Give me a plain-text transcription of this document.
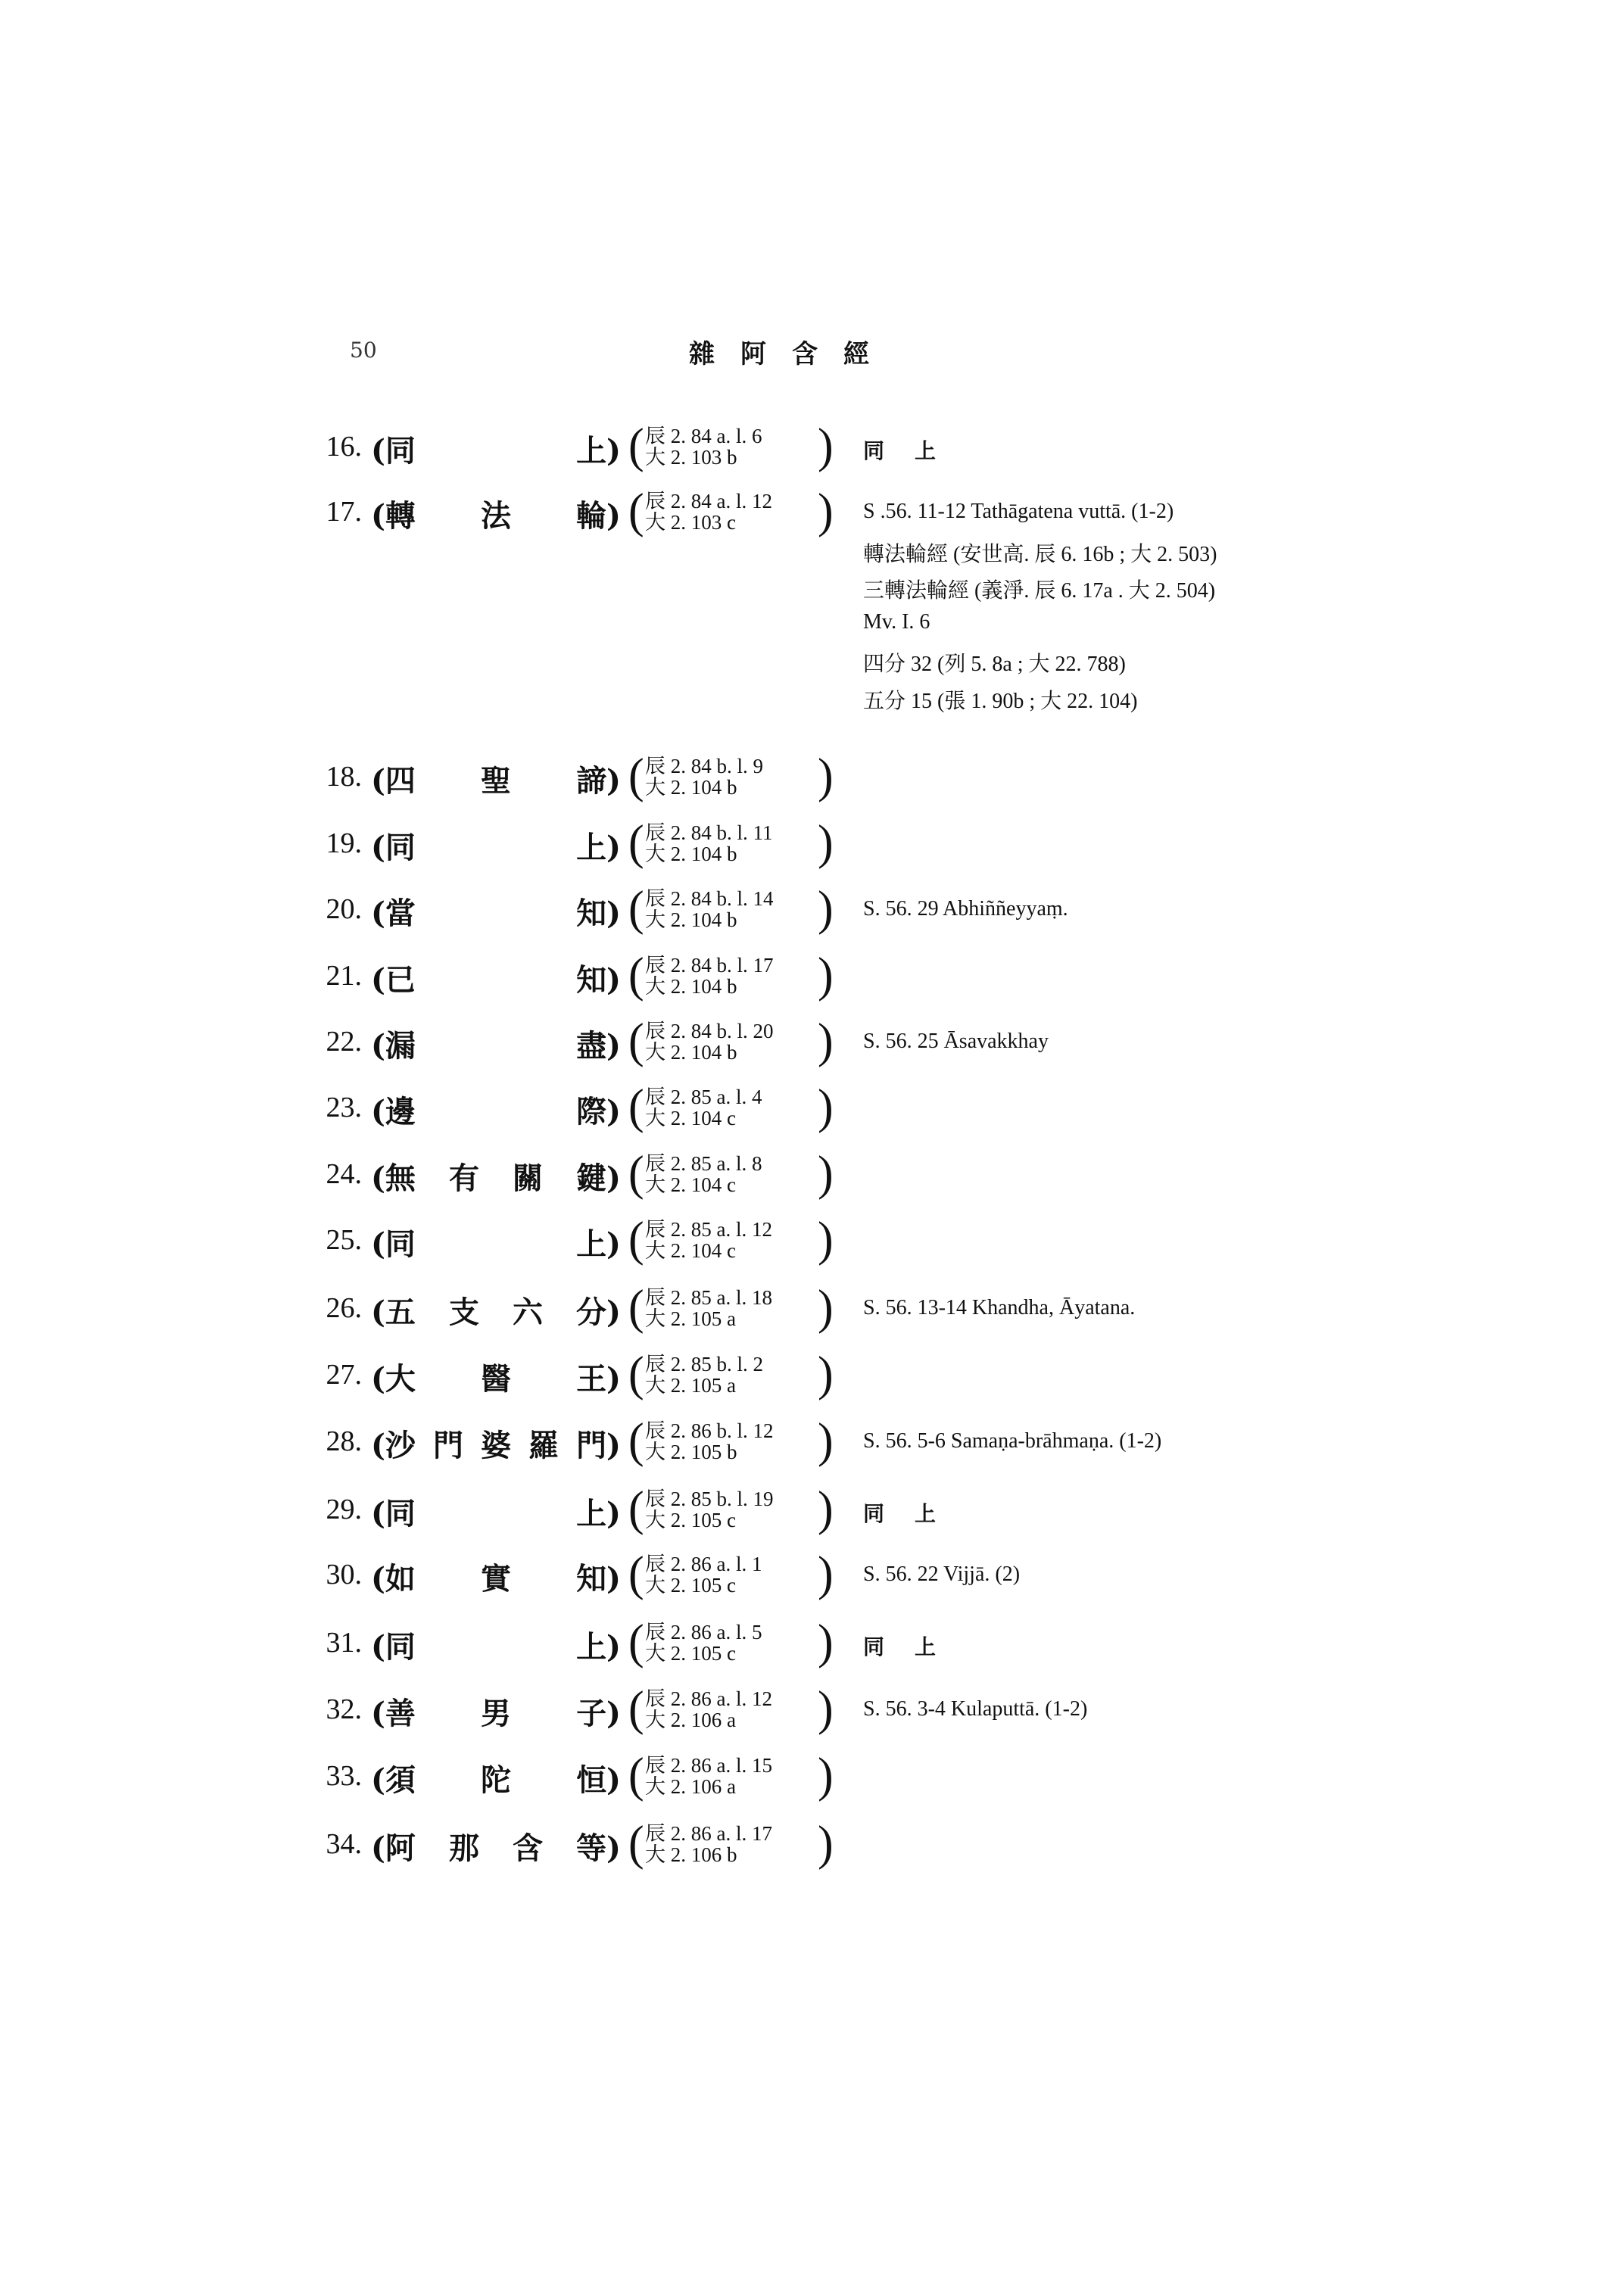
50	雜阿含經
16. (同	上) ( 辰 2. 84 a. l. 6
大 2. 103 b ) 同上
17. (轉 法 輪) ( 辰 2. 84 a. l. 12
大 2. 103 c ) S .56. 11-12 Tathāgatena vuttā. (1-2)
轉法輪經 (安世高. 辰 6. 16b ; 大 2. 503)
三轉法輪經 (義淨. 辰 6. 17a . 大 2. 504)
Mv. I. 6
四分 32 (列 5. 8a ; 大 22. 788)
五分 15 (張 1. 90b ; 大 22. 104)
18. (四 聖 諦) ( 辰 2. 84 b. l. 9
大 2. 104 b )
19. (同	上) ( 辰 2. 84 b. l. 11
大 2. 104 b )
20. (當	知) ( 辰 2. 84 b. l. 14
大 2. 104 b ) S. 56. 29 Abhiññeyyaṃ.
21. (已	知) ( 辰 2. 84 b. l. 17
大 2. 104 b )
22. (漏	盡) ( 辰 2. 84 b. l. 20
大 2. 104 b ) S. 56. 25 Āsavakkhay
23. (邊	際) ( 辰 2. 85 a. l. 4
大 2. 104 c )
24. (無 有 關 鍵) ( 辰 2. 85 a. l. 8
大 2. 104 c )
25. (同	上) ( 辰 2. 85 a. l. 12
大 2. 104 c )
26. (五 支 六 分) ( 辰 2. 85 a. l. 18
大 2. 105 a ) S. 56. 13-14 Khandha, Āyatana.
27. (大 醫 王) ( 辰 2. 85 b. l. 2
大 2. 105 a )
28. (沙 門 婆 羅 門) ( 辰 2. 86 b. l. 12
大 2. 105 b ) S. 56. 5-6 Samaṇa-brāhmaṇa. (1-2)
29. (同	上) ( 辰 2. 85 b. l. 19
大 2. 105 c ) 同上
30. (如 實 知) ( 辰 2. 86 a. l. 1
大 2. 105 c ) S. 56. 22 Vijjā. (2)
31. (同	上) ( 辰 2. 86 a. l. 5
大 2. 105 c ) 同上
32. (善 男 子) ( 辰 2. 86 a. l. 12
大 2. 106 a ) S. 56. 3-4 Kulaputtā. (1-2)
33. (須 陀 恒) ( 辰 2. 86 a. l. 15
大 2. 106 a )
34. (阿 那 含 等) ( 辰 2. 86 a. l. 17
大 2. 106 b )
